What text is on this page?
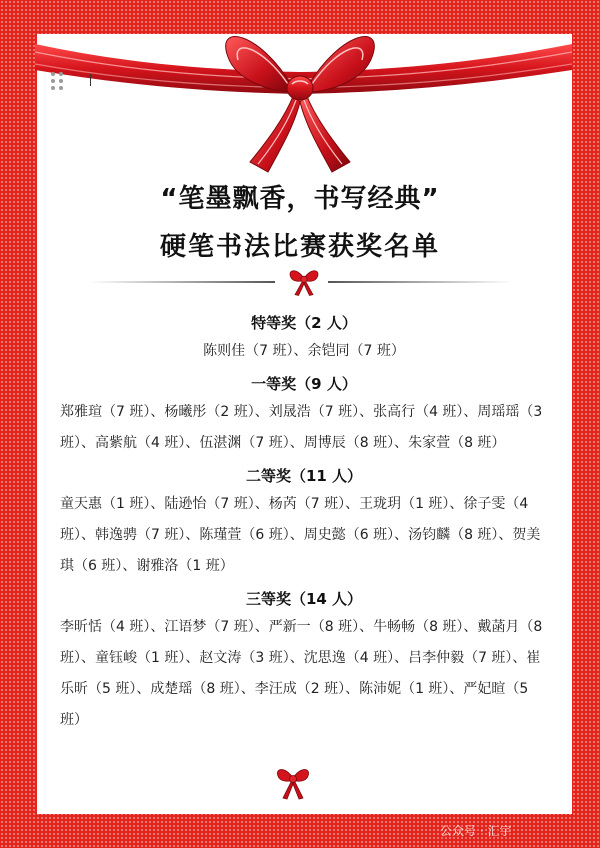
“笔墨飘香，书写经典”
硬笔书法比赛获奖名单
特等奖（2 人）
陈则佳（7 班）、余铠同（7 班）
一等奖（9 人）
郑雅瑄（7 班）、杨曦彤（2 班）、刘晟浩（7 班）、张高行（4 班）、周瑶瑶（3 班）、高紫航（4 班）、伍湛渊（7 班）、周博辰（8 班）、朱家萱（8 班）
二等奖（11 人）
童天惠（1 班）、陆逊怡（7 班）、杨芮（7 班）、王珑玥（1 班）、徐子雯（4 班）、韩逸骋（7 班）、陈瑾萱（6 班）、周史懿（6 班）、汤钧麟（8 班）、贺美琪（6 班）、谢雅洛（1 班）
三等奖（14 人）
李昕恬（4 班）、江语梦（7 班）、严新一（8 班）、牛畅畅（8 班）、戴菡月（8 班）、童钰峻（1 班）、赵文涛（3 班）、沈思逸（4 班）、吕李仲毅（7 班）、崔乐昕（5 班）、成楚瑶（8 班）、李汪成（2 班）、陈沛妮（1 班）、严妃暄（5 班）
公众号 · 汇宇
